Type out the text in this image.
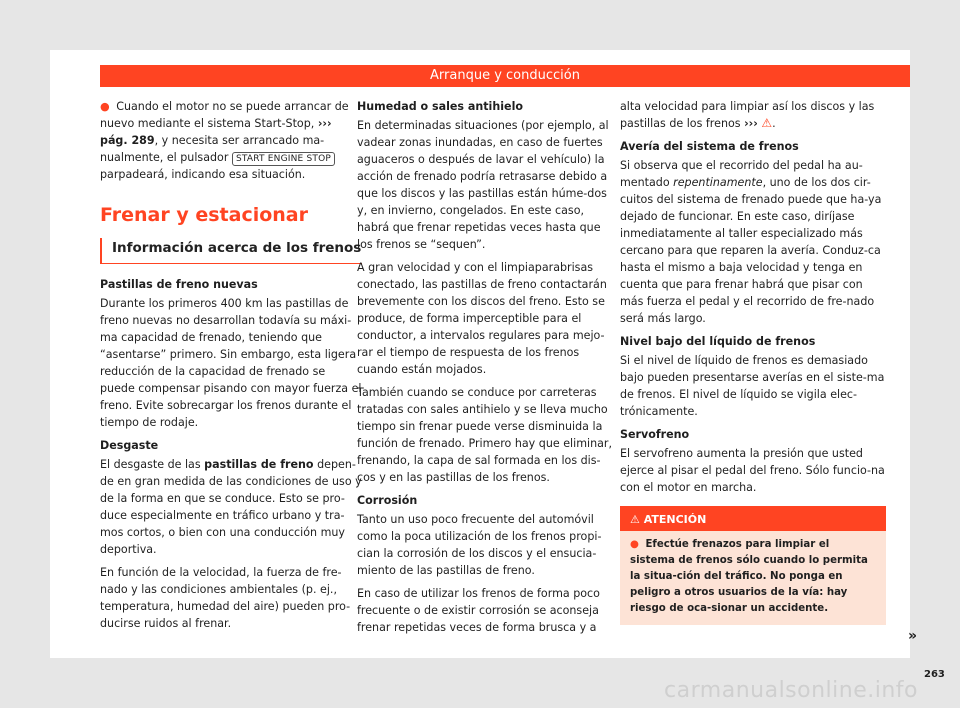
Arranque y conducción

● Cuando el motor no se puede arrancar de nuevo mediante el sistema Start-Stop, ››› pág. 289, y necesita ser arrancado ma-nualmente, el pulsador START ENGINE STOP parpadeará, indicando esa situación.

Frenar y estacionar
Información acerca de los frenos
Pastillas de freno nuevas

Durante los primeros 400 km las pastillas de freno nuevas no desarrollan todavía su máxi-ma capacidad de frenado, teniendo que “asentarse” primero. Sin embargo, esta ligera reducción de la capacidad de frenado se puede compensar pisando con mayor fuerza el freno. Evite sobrecargar los frenos durante el tiempo de rodaje.

Desgaste

El desgaste de las pastillas de freno depen-de en gran medida de las condiciones de uso y de la forma en que se conduce. Esto se pro-duce especialmente en tráfico urbano y tra-mos cortos, o bien con una conducción muy deportiva.

En función de la velocidad, la fuerza de fre-nado y las condiciones ambientales (p. ej., temperatura, humedad del aire) pueden pro-ducirse ruidos al frenar.

Humedad o sales antihielo

En determinadas situaciones (por ejemplo, al vadear zonas inundadas, en caso de fuertes aguaceros o después de lavar el vehículo) la acción de frenado podría retrasarse debido a que los discos y las pastillas están húme-dos y, en invierno, congelados. En este caso, habrá que frenar repetidas veces hasta que los frenos se “sequen”.

A gran velocidad y con el limpiaparabrisas conectado, las pastillas de freno contactarán brevemente con los discos del freno. Esto se produce, de forma imperceptible para el conductor, a intervalos regulares para mejo-rar el tiempo de respuesta de los frenos cuando están mojados.

También cuando se conduce por carreteras tratadas con sales antihielo y se lleva mucho tiempo sin frenar puede verse disminuida la función de frenado. Primero hay que eliminar, frenando, la capa de sal formada en los dis-cos y en las pastillas de los frenos.

Corrosión

Tanto un uso poco frecuente del automóvil como la poca utilización de los frenos propi-cian la corrosión de los discos y el ensucia-miento de las pastillas de freno.

En caso de utilizar los frenos de forma poco frecuente o de existir corrosión se aconseja frenar repetidas veces de forma brusca y a

alta velocidad para limpiar así los discos y las pastillas de los frenos ››› ⚠.

Avería del sistema de frenos

Si observa que el recorrido del pedal ha au-mentado repentinamente, uno de los dos cir-cuitos del sistema de frenado puede que ha-ya dejado de funcionar. En este caso, diríjase inmediatamente al taller especializado más cercano para que reparen la avería. Conduz-ca hasta el mismo a baja velocidad y tenga en cuenta que para frenar habrá que pisar con más fuerza el pedal y el recorrido de fre-nado será más largo.

Nivel bajo del líquido de frenos

Si el nivel de líquido de frenos es demasiado bajo pueden presentarse averías en el siste-ma de frenos. El nivel de líquido se vigila elec-trónicamente.

Servofreno

El servofreno aumenta la presión que usted ejerce al pisar el pedal del freno. Sólo funcio-na con el motor en marcha.

⚠ ATENCIÓN
● Efectúe frenazos para limpiar el sistema de frenos sólo cuando lo permita la situa-ción del tráfico. No ponga en peligro a otros usuarios de la vía: hay riesgo de oca-sionar un accidente.
»
263
carmanualsonline.info
